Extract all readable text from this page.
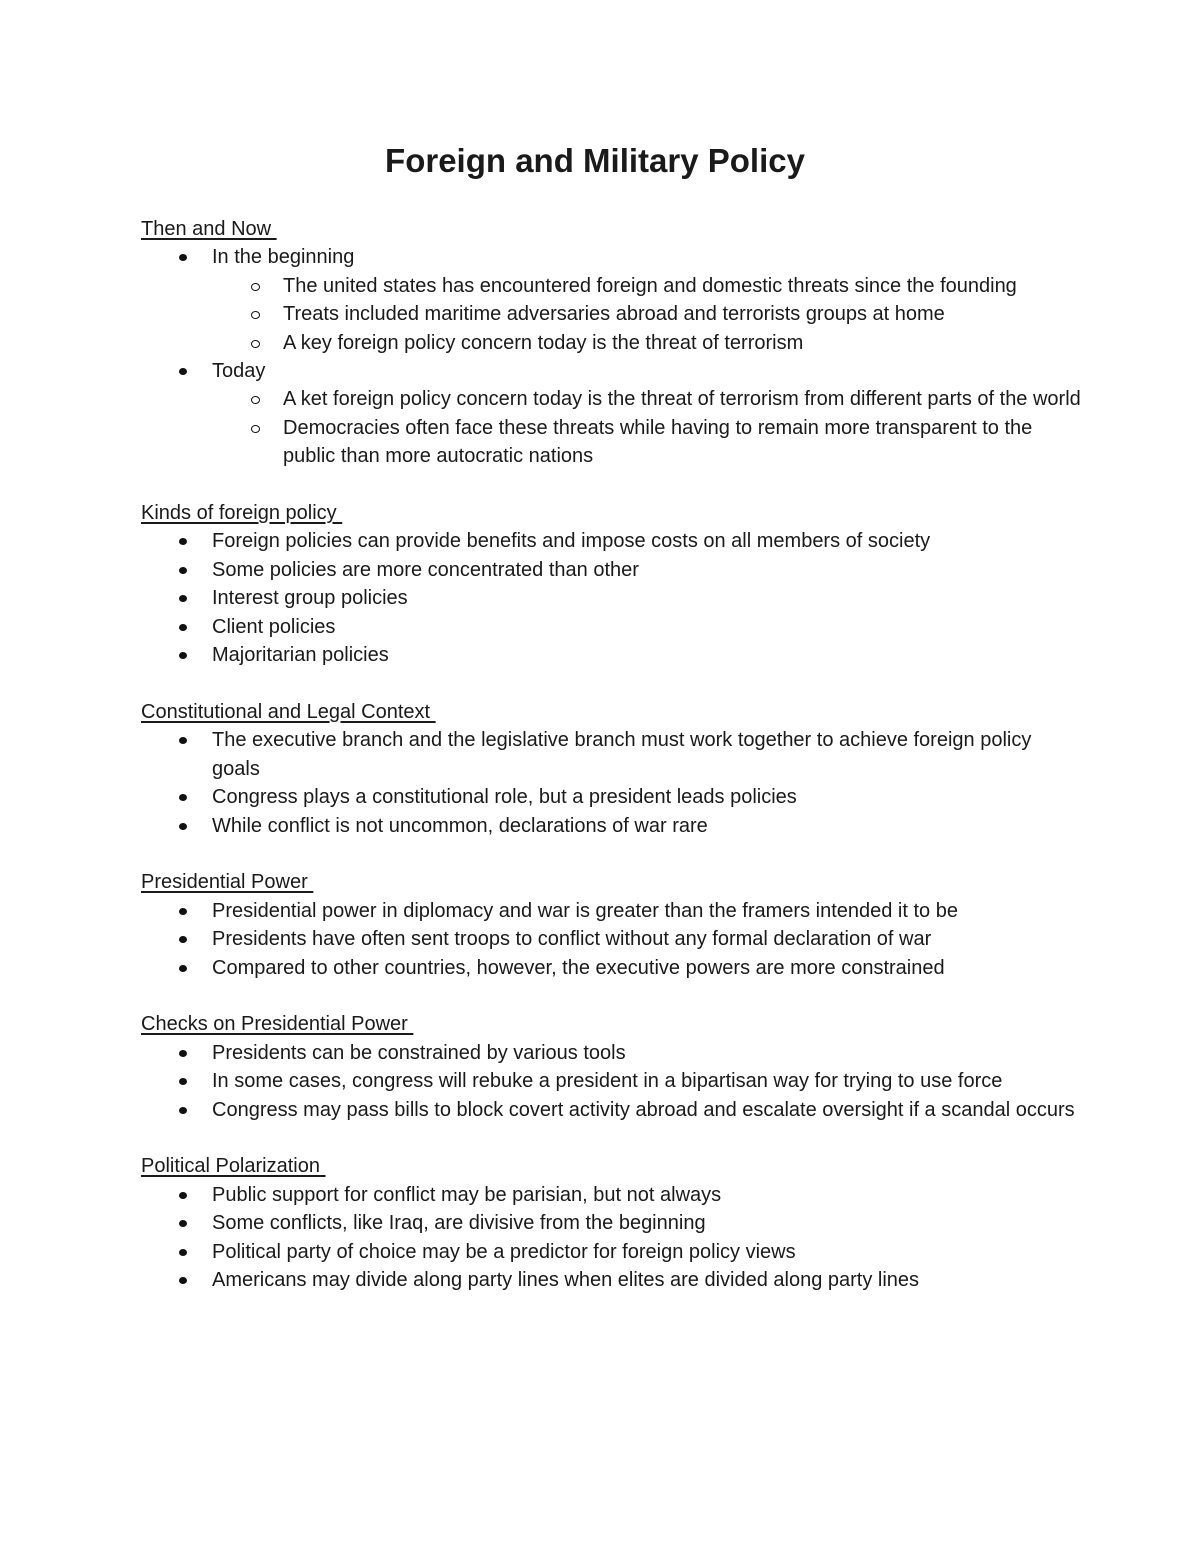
Foreign and Military Policy
Then and Now
In the beginning
The united states has encountered foreign and domestic threats since the founding
Treats included maritime adversaries abroad and terrorists groups at home
A key foreign policy concern today is the threat of terrorism
Today
A ket foreign policy concern today is the threat of terrorism from different parts of the world
Democracies often face these threats while having to remain more transparent to the public than more autocratic nations
Kinds of foreign policy
Foreign policies can provide benefits and impose costs on all members of society
Some policies are more concentrated than other
Interest group policies
Client policies
Majoritarian policies
Constitutional and Legal Context
The executive branch and the legislative branch must work together to achieve foreign policy goals
Congress plays a constitutional role, but a president leads policies
While conflict is not uncommon, declarations of war rare
Presidential Power
Presidential power in diplomacy and war is greater than the framers intended it to be
Presidents have often sent troops to conflict without any formal declaration of war
Compared to other countries, however, the executive powers are more constrained
Checks on Presidential Power
Presidents can be constrained by various tools
In some cases, congress will rebuke a president in a bipartisan way for trying to use force
Congress may pass bills to block covert activity abroad and escalate oversight if a scandal occurs
Political Polarization
Public support for conflict may be parisian, but not always
Some conflicts, like Iraq, are divisive from the beginning
Political party of choice may be a predictor for foreign policy views
Americans may divide along party lines when elites are divided along party lines
